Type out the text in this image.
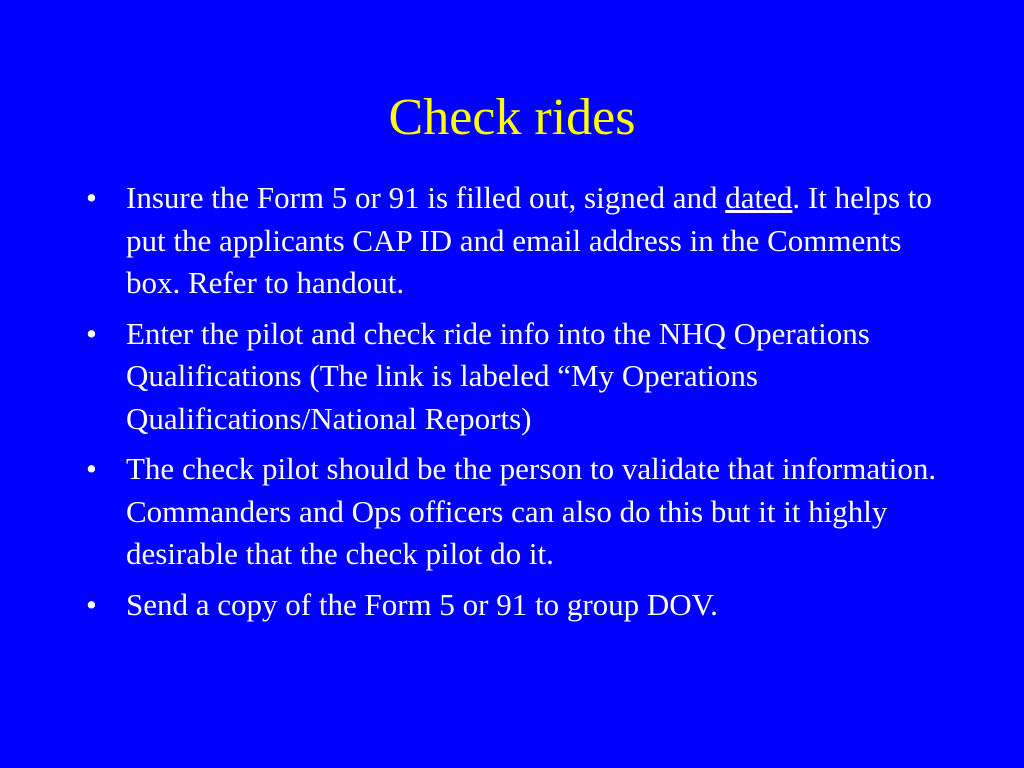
Check rides
• Insure the Form 5 or 91 is filled out, signed and dated. It helps to put the applicants CAP ID and email address in the Comments box. Refer to handout.
• Enter the pilot and check ride info into the NHQ Operations Qualifications (The link is labeled “My Operations Qualifications/National Reports)
• The check pilot should be the person to validate that information. Commanders and Ops officers can also do this but it it highly desirable that the check pilot do it.
• Send a copy of the Form 5 or 91 to group DOV.
